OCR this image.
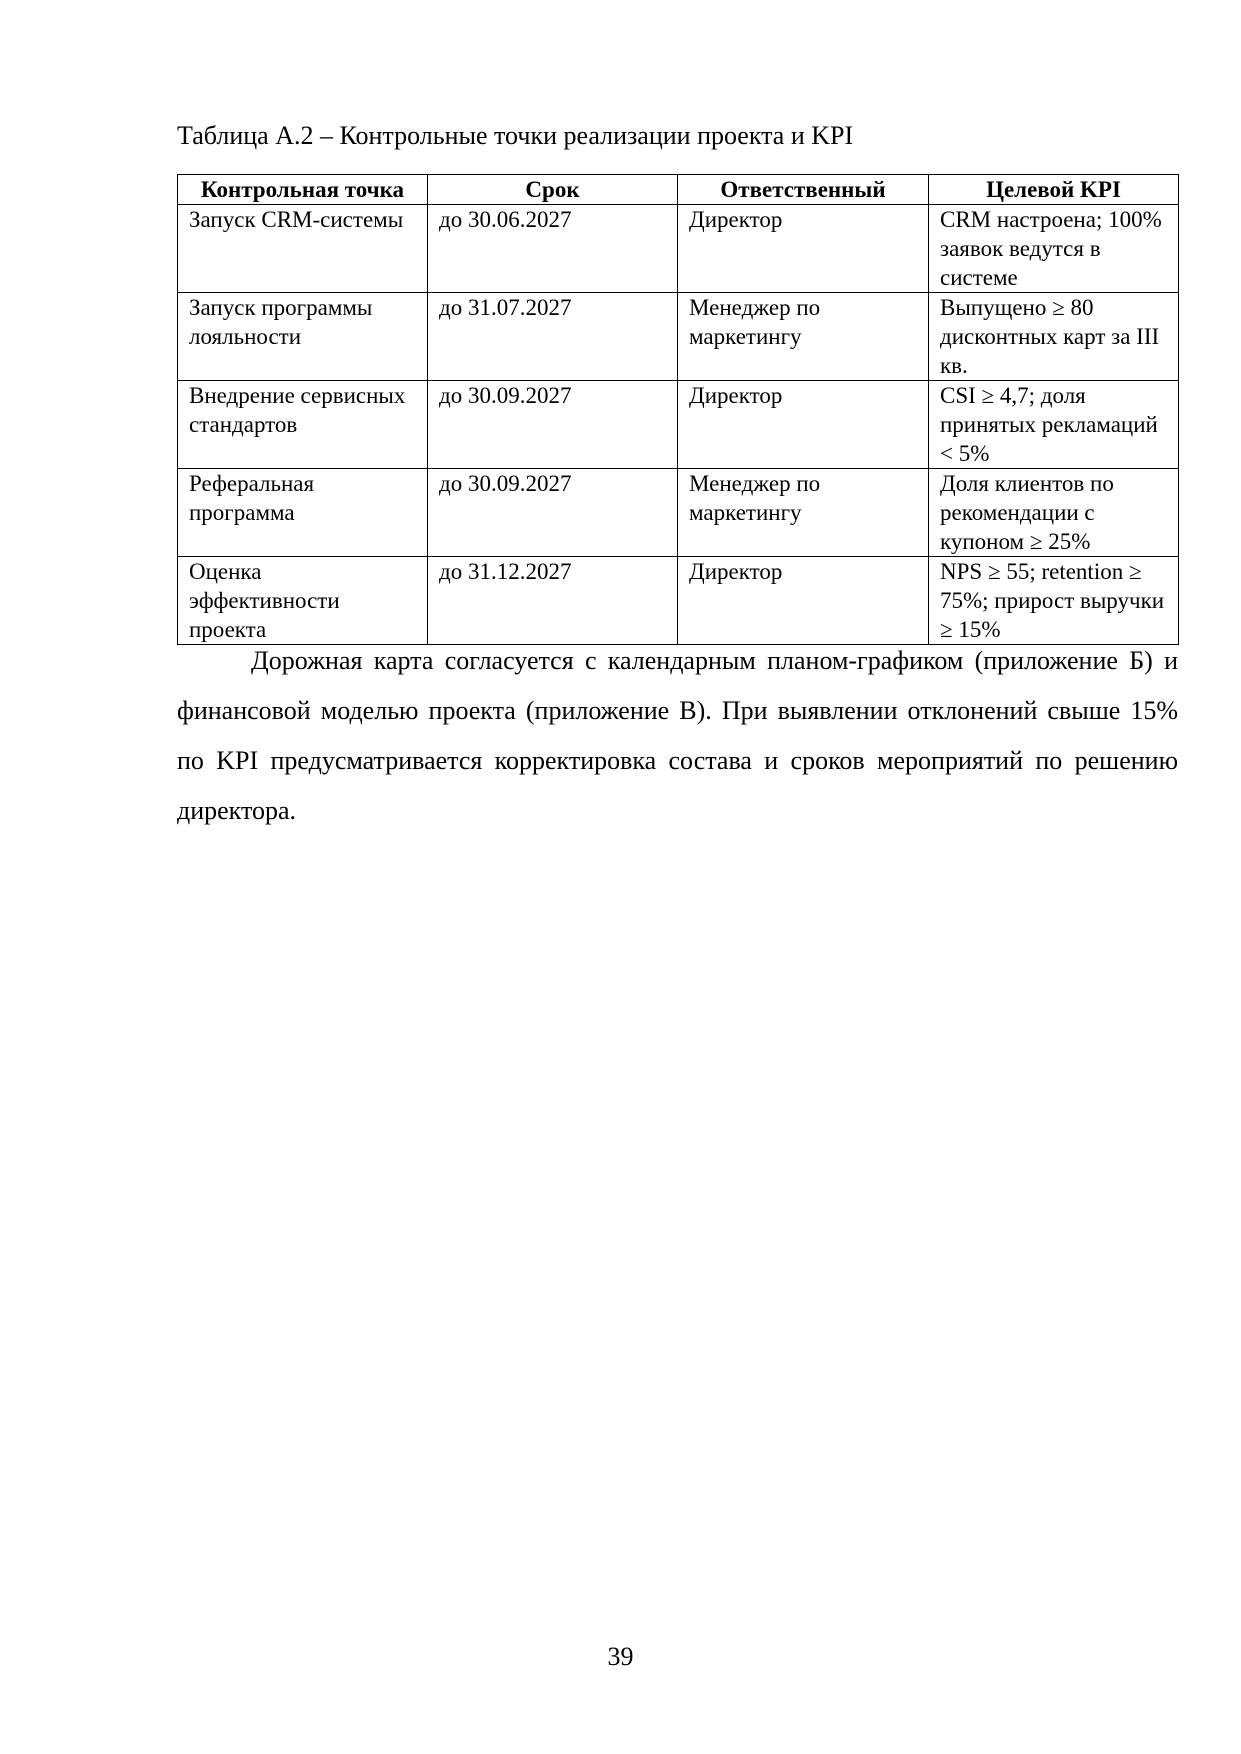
Таблица А.2 – Контрольные точки реализации проекта и KPI
Контрольная точка	Срок	Ответственный	Целевой KPI
Запуск CRM-системы	до 30.06.2027	Директор	CRM настроена; 100% заявок ведутся в системе
Запуск программы лояльности	до 31.07.2027	Менеджер по маркетингу	Выпущено ≥ 80 дисконтных карт за III кв.
Внедрение сервисных стандартов	до 30.09.2027	Директор	CSI ≥ 4,7; доля принятых рекламаций < 5%
Реферальная программа	до 30.09.2027	Менеджер по маркетингу	Доля клиентов по рекомендации с купоном ≥ 25%
Оценка эффективности проекта	до 31.12.2027	Директор	NPS ≥ 55; retention ≥ 75%; прирост выручки ≥ 15%

Дорожная карта согласуется с календарным планом-графиком (приложение Б) и финансовой моделью проекта (приложение В). При выявлении отклонений свыше 15% по KPI предусматривается корректировка состава и сроков мероприятий по решению директора.

39
